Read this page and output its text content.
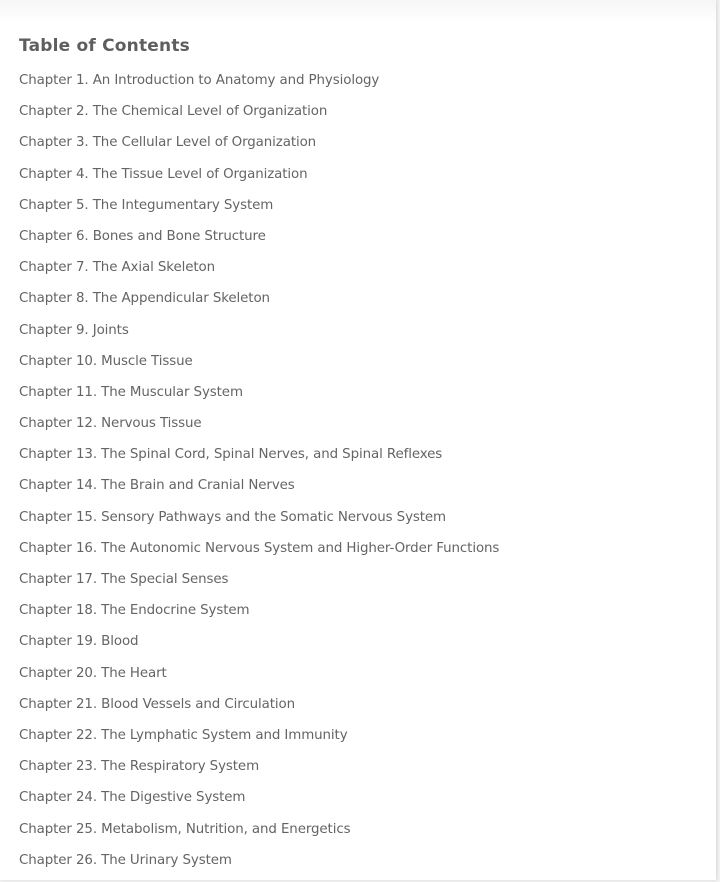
Table of Contents
Chapter 1. An Introduction to Anatomy and Physiology
Chapter 2. The Chemical Level of Organization
Chapter 3. The Cellular Level of Organization
Chapter 4. The Tissue Level of Organization
Chapter 5. The Integumentary System
Chapter 6. Bones and Bone Structure
Chapter 7. The Axial Skeleton
Chapter 8. The Appendicular Skeleton
Chapter 9. Joints
Chapter 10. Muscle Tissue
Chapter 11. The Muscular System
Chapter 12. Nervous Tissue
Chapter 13. The Spinal Cord, Spinal Nerves, and Spinal Reflexes
Chapter 14. The Brain and Cranial Nerves
Chapter 15. Sensory Pathways and the Somatic Nervous System
Chapter 16. The Autonomic Nervous System and Higher-Order Functions
Chapter 17. The Special Senses
Chapter 18. The Endocrine System
Chapter 19. Blood
Chapter 20. The Heart
Chapter 21. Blood Vessels and Circulation
Chapter 22. The Lymphatic System and Immunity
Chapter 23. The Respiratory System
Chapter 24. The Digestive System
Chapter 25. Metabolism, Nutrition, and Energetics
Chapter 26. The Urinary System
